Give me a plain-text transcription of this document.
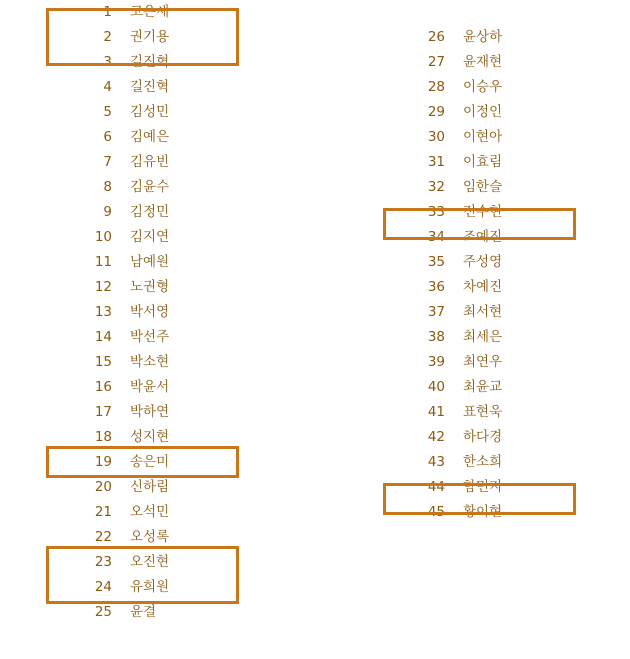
1 고은새
2 권기용
3 길진혁
4 길진혁
5 김성민
6 김예은
7 김유빈
8 김윤수
9 김정민
10 김지연
11 남예원
12 노권형
13 박서영
14 박선주
15 박소현
16 박윤서
17 박하연
18 성지현
19 송은미
20 신하림
21 오석민
22 오성록
23 오진현
24 유희원
25 윤결
26 윤상하
27 윤재현
28 이승우
29 이정인
30 이현아
31 이효림
32 임한슬
33 전수현
34 조예진
35 주성영
36 차예진
37 최서현
38 최세은
39 최연우
40 최윤교
41 표현욱
42 하다경
43 한소희
44 함민지
45 황이현
